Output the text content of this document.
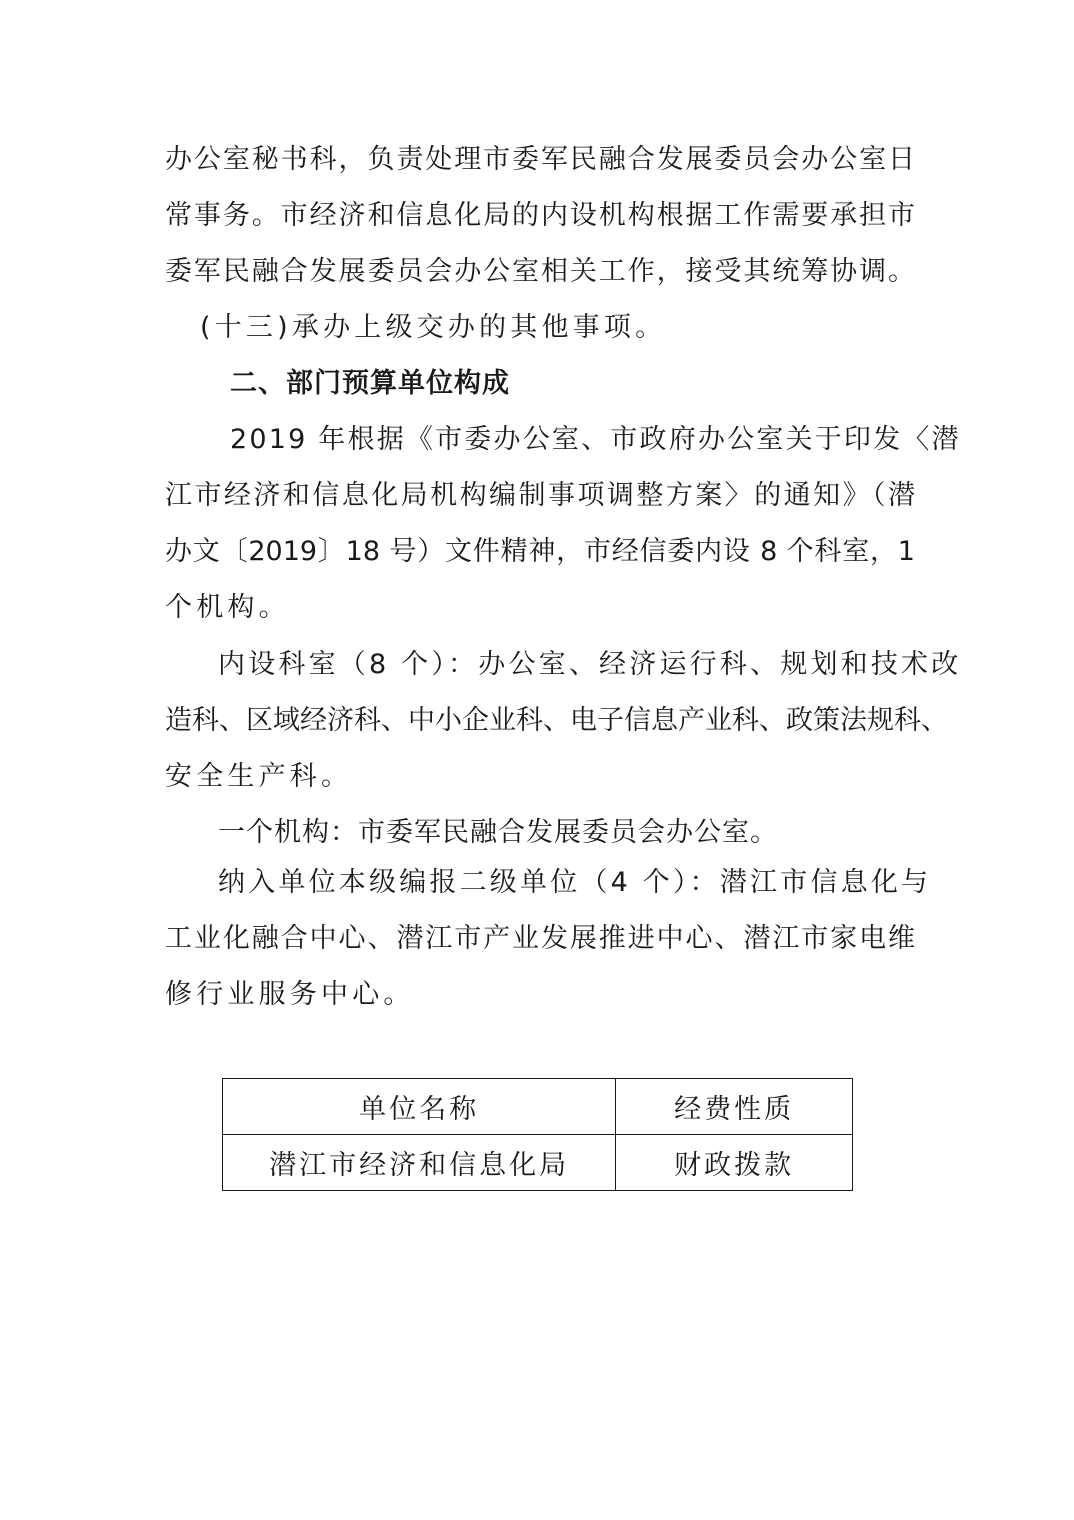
办公室秘书科，负责处理市委军民融合发展委员会办公室日
常事务。市经济和信息化局的内设机构根据工作需要承担市
委军民融合发展委员会办公室相关工作，接受其统筹协调。
(十三)承办上级交办的其他事项。
二、部门预算单位构成
2019 年根据《市委办公室、市政府办公室关于印发〈潜
江市经济和信息化局机构编制事项调整方案〉的通知》（潜
办文〔2019〕18 号）文件精神，市经信委内设 8 个科室，1
个机构。
内设科室（8 个）：办公室、经济运行科、规划和技术改
造科、区域经济科、中小企业科、电子信息产业科、政策法规科、
安全生产科。
一个机构：市委军民融合发展委员会办公室。
纳入单位本级编报二级单位（4 个）：潜江市信息化与
工业化融合中心、潜江市产业发展推进中心、潜江市家电维
修行业服务中心。
单位名称	经费性质
潜江市经济和信息化局	财政拨款
